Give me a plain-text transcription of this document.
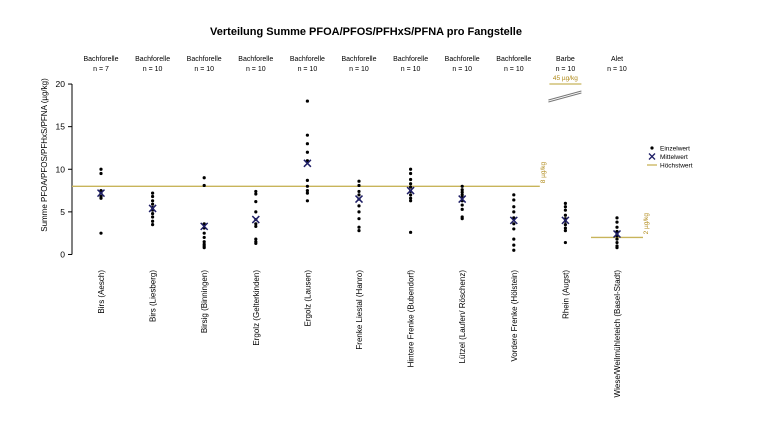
Verteilung Summe PFOA/PFOS/PFHxS/PFNA pro Fangstelle
Summe PFOA/PFOS/PFHxS/PFNA (µg/kg)
0
5
10
15
20
8 µg/kg
45 µg/kg
2 µg/kg
Bachforelle
n = 7
Birs (Aesch)
Bachforelle
n = 10
Birs (Liesberg)
Bachforelle
n = 10
Birsig (Binningen)
Bachforelle
n = 10
Ergolz (Gelterkinden)
Bachforelle
n = 10
Ergolz (Lausen)
Bachforelle
n = 10
Frenke Liestal (Hanro)
Bachforelle
n = 10
Hintere Frenke (Bubendorf)
Bachforelle
n = 10
Lützel (Laufen/ Röschenz)
Bachforelle
n = 10
Vordere Frenke (Hölstein)
Barbe
n = 10
Rhein (Augst)
Alet
n = 10
Wiese/Weilmühleteich (Basel-Stadt)
Einzelwert
Mittelwert
Höchstwert
